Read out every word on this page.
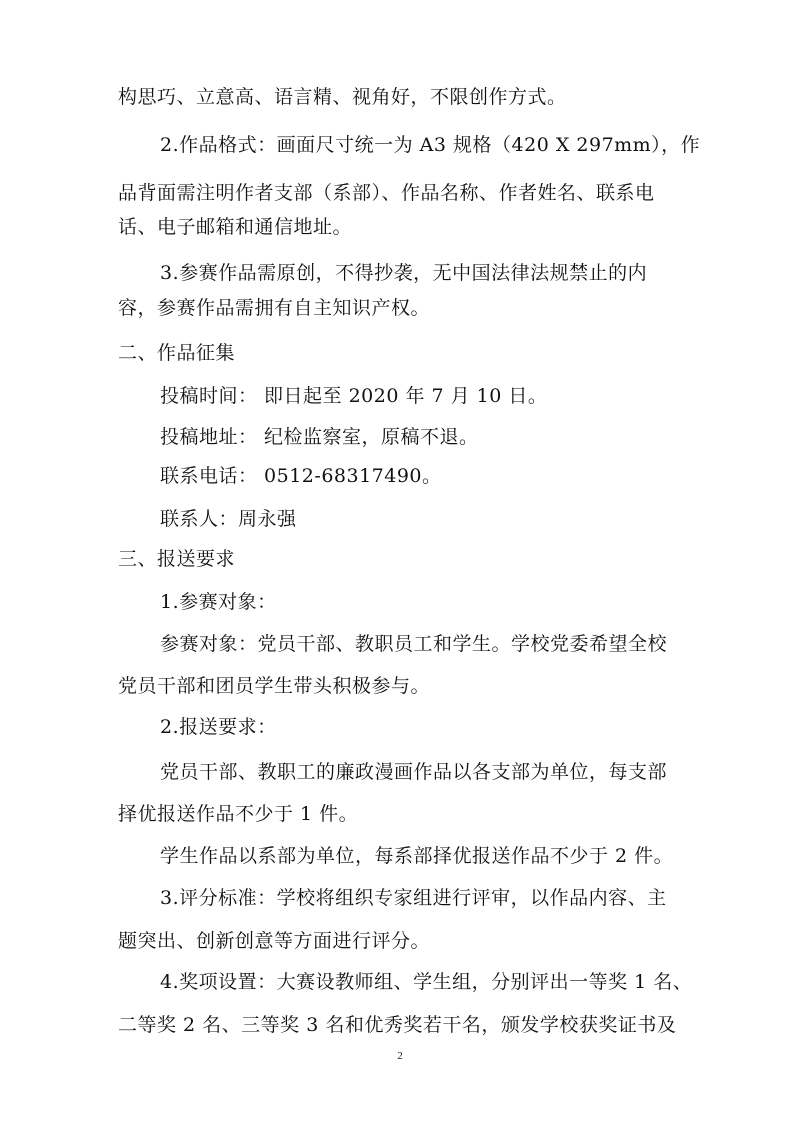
构思巧、立意高、语言精、视角好，不限创作方式。
2.作品格式：画面尺寸统一为 A3 规格（420 X 297mm），作
品背面需注明作者支部（系部）、作品名称、作者姓名、联系电
话、电子邮箱和通信地址。
3.参赛作品需原创，不得抄袭，无中国法律法规禁止的内
容，参赛作品需拥有自主知识产权。
二、作品征集
投稿时间： 即日起至 2020 年 7 月 10 日。
投稿地址： 纪检监察室，原稿不退。
联系电话： 0512-68317490。
联系人：周永强
三、报送要求
1.参赛对象：
参赛对象：党员干部、教职员工和学生。学校党委希望全校
党员干部和团员学生带头积极参与。
2.报送要求：
党员干部、教职工的廉政漫画作品以各支部为单位，每支部
择优报送作品不少于 1 件。
学生作品以系部为单位，每系部择优报送作品不少于 2 件。
3.评分标准：学校将组织专家组进行评审，以作品内容、主
题突出、创新创意等方面进行评分。
4.奖项设置：大赛设教师组、学生组，分别评出一等奖 1 名、
二等奖 2 名、三等奖 3 名和优秀奖若干名，颁发学校获奖证书及
2
